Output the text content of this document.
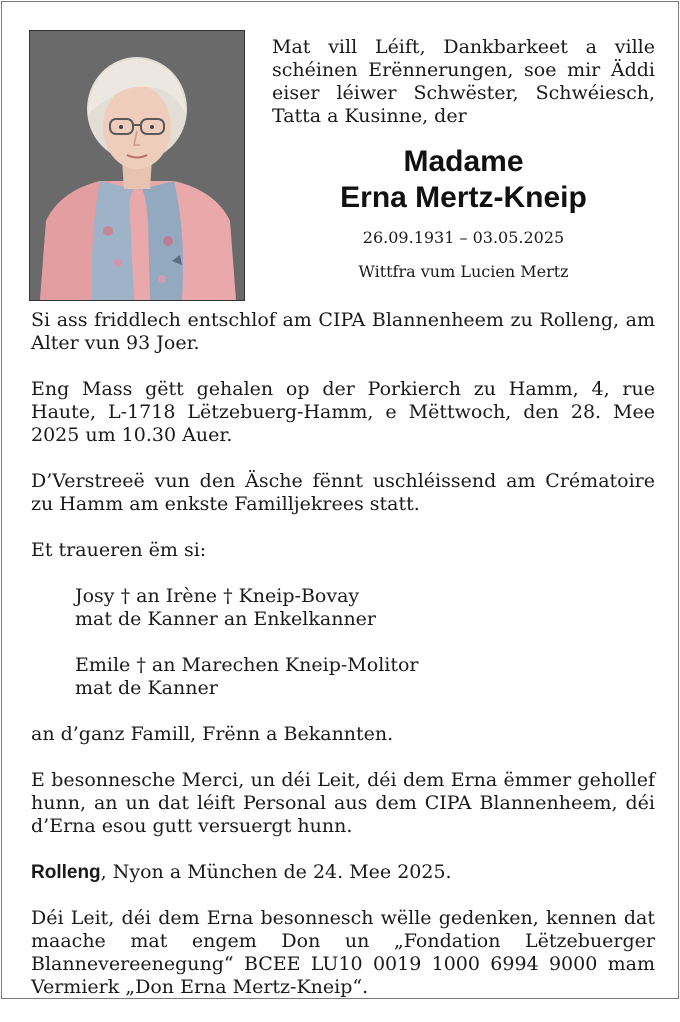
Mat vill Léift, Dankbarkeet a ville schéinen Erënnerungen, soe mir Äddi eiser léiwer Schwëster, Schwéiesch, Tatta a Kusinne, der
Madame
Erna Mertz-Kneip
26.09.1931 – 03.05.2025
Wittfra vum Lucien Mertz

Si ass friddlech entschlof am CIPA Blannenheem zu Rolleng, am Alter vun 93 Joer.

Eng Mass gëtt gehalen op der Porkierch zu Hamm, 4, rue Haute, L-1718 Lëtzebuerg-Hamm, e Mëttwoch, den 28. Mee 2025 um 10.30 Auer.

D’Verstreeë vun den Äsche fënnt uschléissend am Crématoire zu Hamm am enkste Familljekrees statt.

Et traueren ëm si:

Josy † an Irène † Kneip-Bovay
mat de Kanner an Enkelkanner
Emile † an Marechen Kneip-Molitor
mat de Kanner

an d’ganz Famill, Frënn a Bekannten.

E besonnesche Merci, un déi Leit, déi dem Erna ëmmer gehollef hunn, an un dat léift Personal aus dem CIPA Blannenheem, déi d’Erna esou gutt versuergt hunn.

Rolleng, Nyon a München de 24. Mee 2025.

Déi Leit, déi dem Erna besonnesch wëlle gedenken, kennen dat maache mat engem Don un „Fondation Lëtzebuerger Blannevereenegung“ BCEE LU10 0019 1000 6994 9000 mam Vermierk „Don Erna Mertz-Kneip“.
